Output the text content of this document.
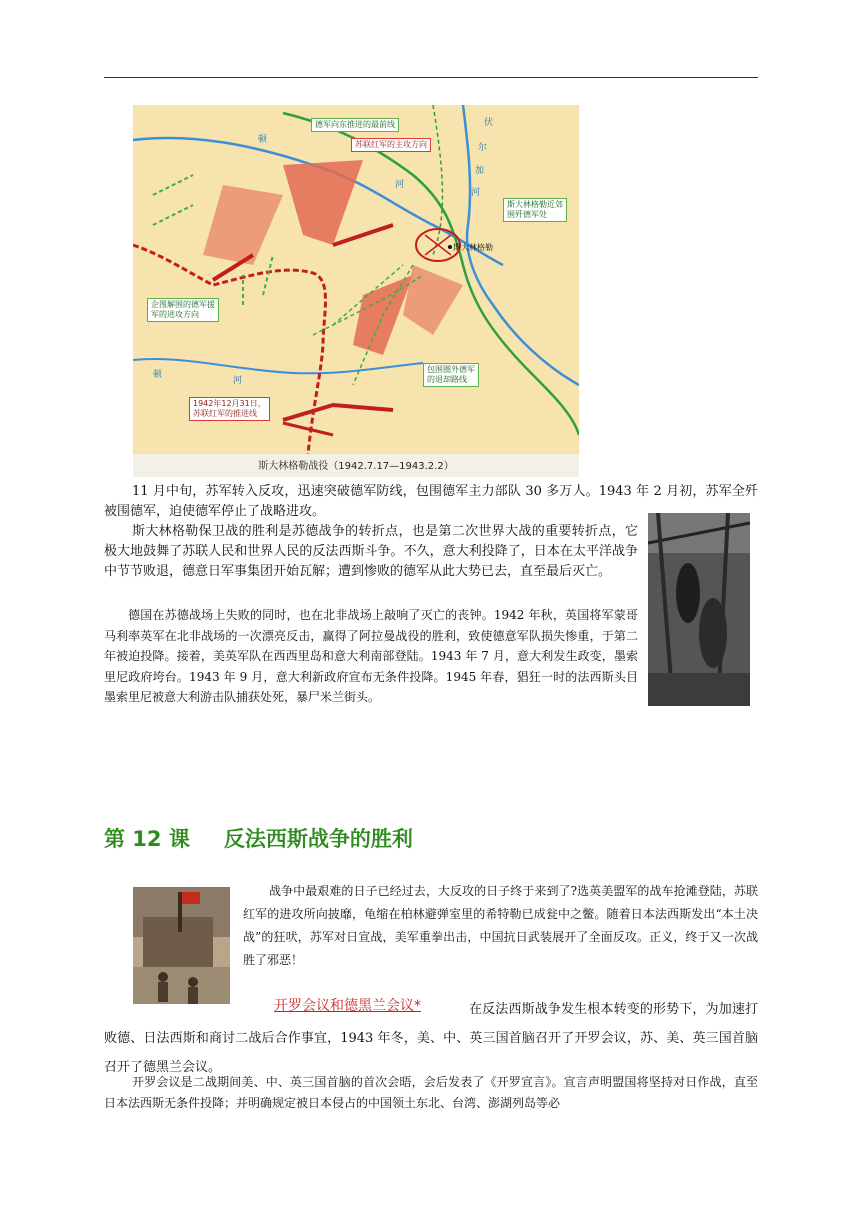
德军向东推进的最前线
苏联红军的主攻方向
斯大林格勒近郊
围歼德军处
企图解围的德军援
军的进攻方向
包围圈外德军
的退却路线
1942年12月31日，
苏联红军的推进线
斯大林格勒
顿
河
伏
尔
加
河
顿
河
斯大林格勒战役（1942.7.17—1943.2.2）

11 月中旬，苏军转入反攻，迅速突破德军防线，包围德军主力部队 30 多万人。1943 年 2 月初，苏军全歼被围德军，迫使德军停止了战略进攻。

斯大林格勒保卫战的胜利是苏德战争的转折点，也是第二次世界大战的重要转折点，它极大地鼓舞了苏联人民和世界人民的反法西斯斗争。不久，意大利投降了，日本在太平洋战争中节节败退，德意日军事集团开始瓦解；遭到惨败的德军从此大势已去，直至最后灭亡。

德国在苏德战场上失败的同时，也在北非战场上敲响了灭亡的丧钟。1942 年秋，英国将军蒙哥马利率英军在北非战场的一次漂亮反击，赢得了阿拉曼战役的胜利，致使德意军队损失惨重，于第二年被迫投降。接着，美英军队在西西里岛和意大利南部登陆。1943 年 7 月，意大利发生政变，墨索里尼政府垮台。1943 年 9 月，意大利新政府宣布无条件投降。1945 年春，猖狂一时的法西斯头目墨索里尼被意大利游击队捕获处死，暴尸米兰街头。

第 12 课 反法西斯战争的胜利

战争中最艰难的日子已经过去，大反攻的日子终于来到了?选英美盟军的战车抢滩登陆，苏联红军的进攻所向披靡，龟缩在柏林避弹室里的希特勒已成瓮中之鳖。随着日本法西斯发出“本土决战”的狂吠，苏军对日宣战，美军重拳出击，中国抗日武装展开了全面反攻。正义，终于又一次战胜了邪恶！

开罗会议和德黑兰会议*	在反法西斯战争发生根本转变的形势下，为加速打败德、日法西斯和商讨二战后合作事宜，1943 年冬，美、中、英三国首脑召开了开罗会议，苏、美、英三国首脑召开了德黑兰会议。

开罗会议是二战期间美、中、英三国首脑的首次会晤，会后发表了《开罗宣言》。宣言声明盟国将坚持对日作战，直至日本法西斯无条件投降；并明确规定被日本侵占的中国领土东北、台湾、澎湖列岛等必
